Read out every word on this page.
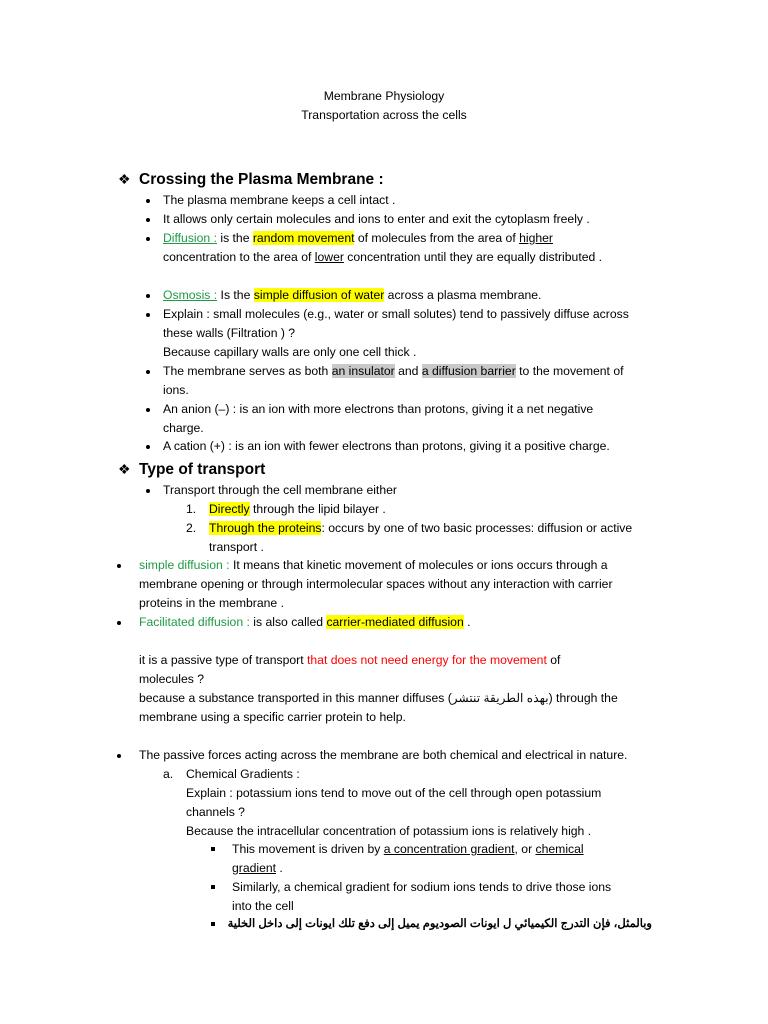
Membrane Physiology
Transportation across the cells
❖ Crossing the Plasma Membrane :
The plasma membrane keeps a cell intact .
It allows only certain molecules and ions to enter and exit the cytoplasm freely .
Diffusion : is the random movement of molecules from the area of higher
concentration to the area of lower concentration until they are equally distributed .
Osmosis : Is the simple diffusion of water across a plasma membrane.
Explain : small molecules (e.g., water or small solutes) tend to passively diffuse across
these walls (Filtration ) ?
Because capillary walls are only one cell thick .
The membrane serves as both an insulator and a diffusion barrier to the movement of
ions.
An anion (–) : is an ion with more electrons than protons, giving it a net negative
charge.
A cation (+) : is an ion with fewer electrons than protons, giving it a positive charge.
❖ Type of transport
Transport through the cell membrane either
1. Directly through the lipid bilayer .
2. Through the proteins: occurs by one of two basic processes: diffusion or active
transport .
simple diffusion : It means that kinetic movement of molecules or ions occurs through a
membrane opening or through intermolecular spaces without any interaction with carrier
proteins in the membrane .
Facilitated diffusion : is also called carrier-mediated diffusion .
it is a passive type of transport that does not need energy for the movement of
molecules ?
because a substance transported in this manner diffuses (بهذه الطريقة تنتشر) through the
membrane using a specific carrier protein to help.
The passive forces acting across the membrane are both chemical and electrical in nature.
a. Chemical Gradients :
Explain : potassium ions tend to move out of the cell through open potassium
channels ?
Because the intracellular concentration of potassium ions is relatively high .
This movement is driven by a concentration gradient, or chemical
gradient .
Similarly, a chemical gradient for sodium ions tends to drive those ions
into the cell
وبالمثل، فإن التدرج الكيميائي ل ايونات الصوديوم يميل إلى دفع تلك ايونات إلى داخل الخلية
